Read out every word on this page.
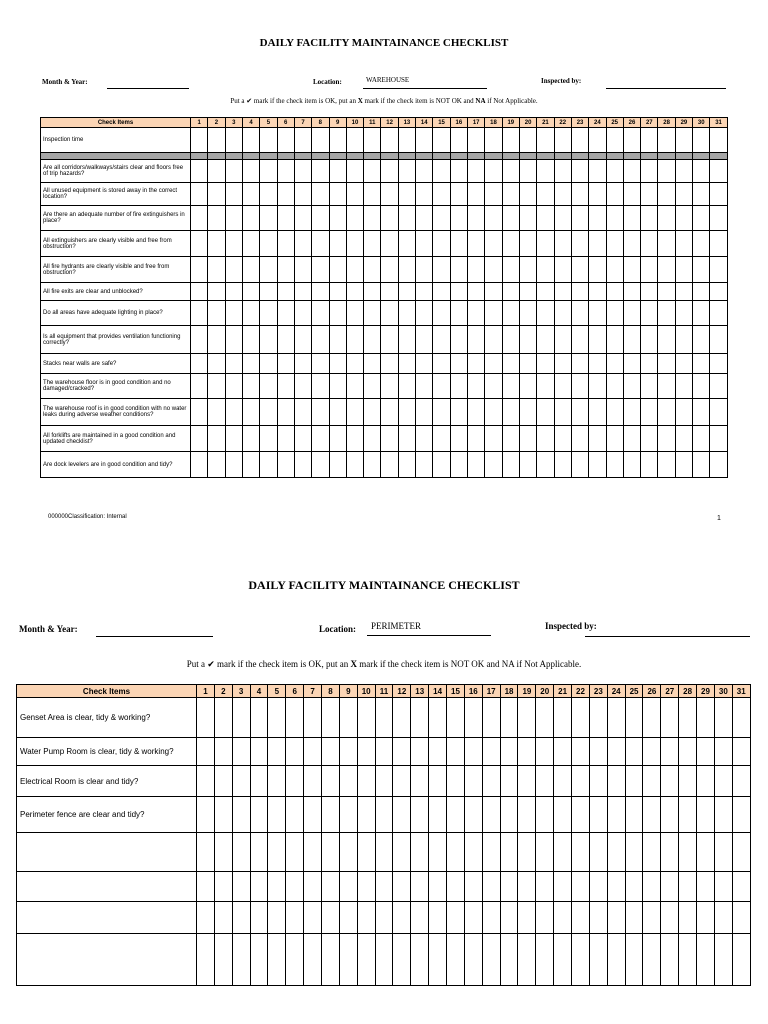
DAILY FACILITY MAINTAINANCE CHECKLIST
Month & Year:	Location:	WAREHOUSE	Inspected by:
Put a ✔ mark if the check item is OK, put an X mark if the check item is NOT OK and NA if Not Applicable.
Check Items	1	2	3	4	5	6	7	8	9	10	11	12	13	14	15	16	17	18	19	20	21	22	23	24	25	26	27	28	29	30	31
Inspection time																															

Are all corridors/walkways/stairs clear and floors free of trip hazards?																															
All unused equipment is stored away in the correct location?																															
Are there an adequate number of fire extinguishers in place?																															
All extinguishers are clearly visible and free from obstruction?																															
All fire hydrants are clearly visible and free from obstruction?																															
All fire exits are clear and unblocked?																															
Do all areas have adequate lighting in place?																															
Is all equipment that provides ventilation functioning correctly?																															
Stacks near walls are safe?																															
The warehouse floor is in good condition and no damaged/cracked?																															
The warehouse roof is in good condition with no water leaks during adverse weather conditions?																															
All forklifts are maintained in a good condition and updated checklist?																															
Are dock levelers are in good condition and tidy?																															
000000Classification: Internal	1
DAILY FACILITY MAINTAINANCE CHECKLIST
Month & Year:	Location: PERIMETER	Inspected by:
Put a ✔ mark if the check item is OK, put an X mark if the check item is NOT OK and NA if Not Applicable.
Check Items	1	2	3	4	5	6	7	8	9	10	11	12	13	14	15	16	17	18	19	20	21	22	23	24	25	26	27	28	29	30	31
Genset Area is clear, tidy & working?																															
Water Pump Room is clear, tidy & working?																															
Electrical Room is clear and tidy?																															
Perimeter fence are clear and tidy?																															
